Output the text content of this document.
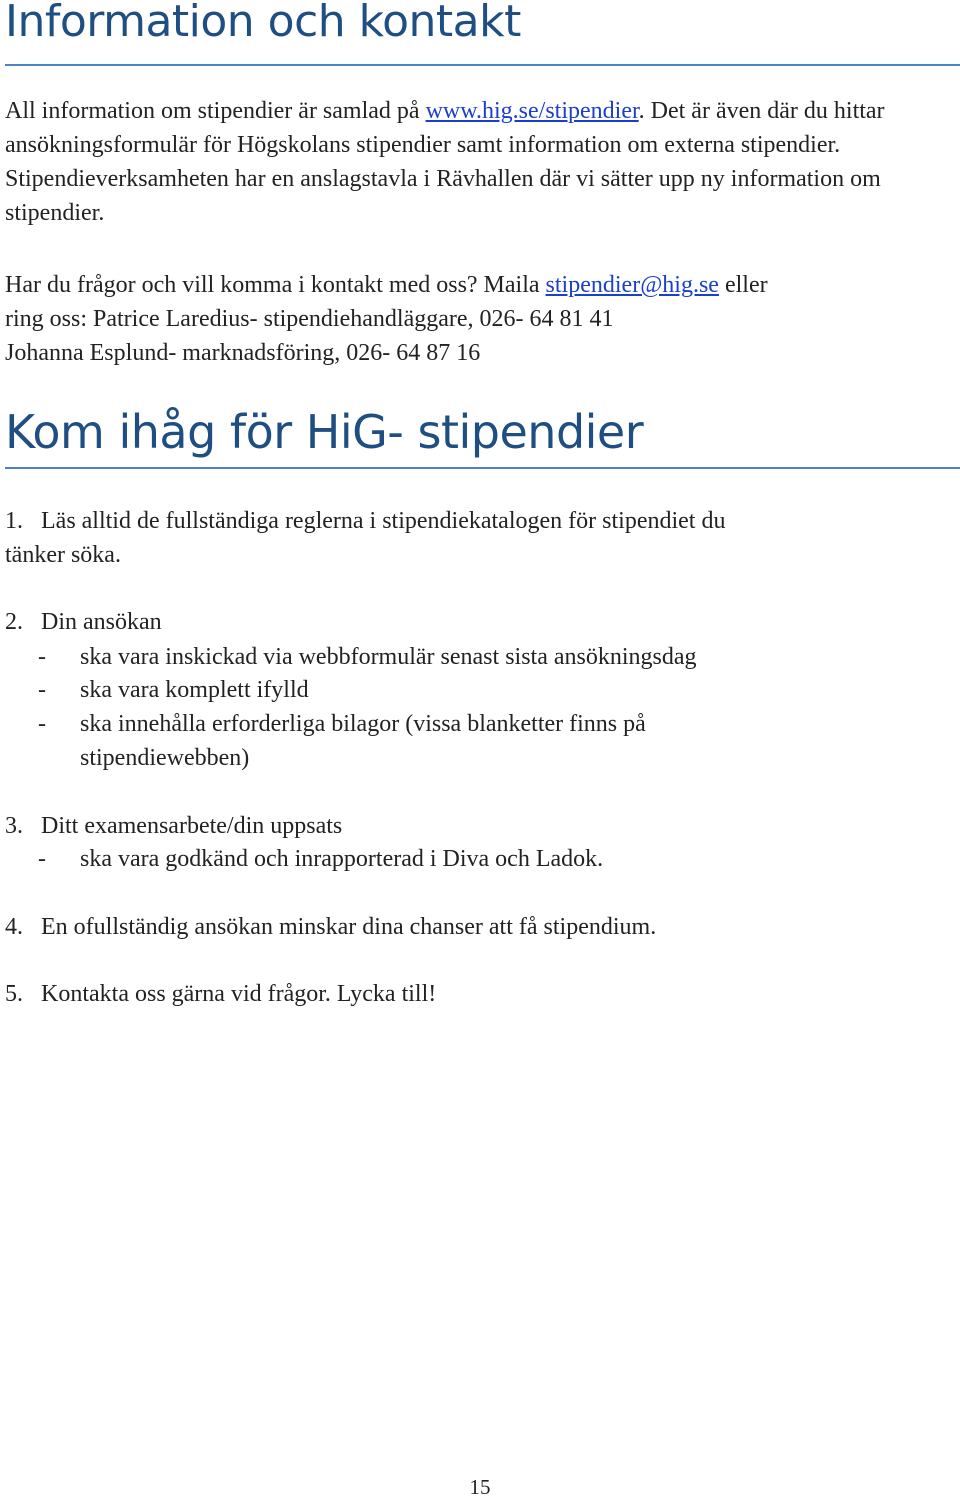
Information och kontakt

All information om stipendier är samlad på www.hig.se/stipendier. Det är även där du hittar ansökningsformulär för Högskolans stipendier samt information om externa stipendier. Stipendieverksamheten har en anslagstavla i Rävhallen där vi sätter upp ny information om stipendier.

Har du frågor och vill komma i kontakt med oss? Maila stipendier@hig.se eller
ring oss: Patrice Laredius- stipendiehandläggare, 026- 64 81 41
Johanna Esplund- marknadsföring, 026- 64 87 16

Kom ihåg för HiG- stipendier
1. Läs alltid de fullständiga reglerna i stipendiekatalogen för stipendiet du
tänker söka.
2. Din ansökan
- ska vara inskickad via webbformulär senast sista ansökningsdag
- ska vara komplett ifylld
- ska innehålla erforderliga bilagor (vissa blanketter finns på
stipendiewebben)
3. Ditt examensarbete/din uppsats
- ska vara godkänd och inrapporterad i Diva och Ladok.
4. En ofullständig ansökan minskar dina chanser att få stipendium.
5. Kontakta oss gärna vid frågor. Lycka till!
15
